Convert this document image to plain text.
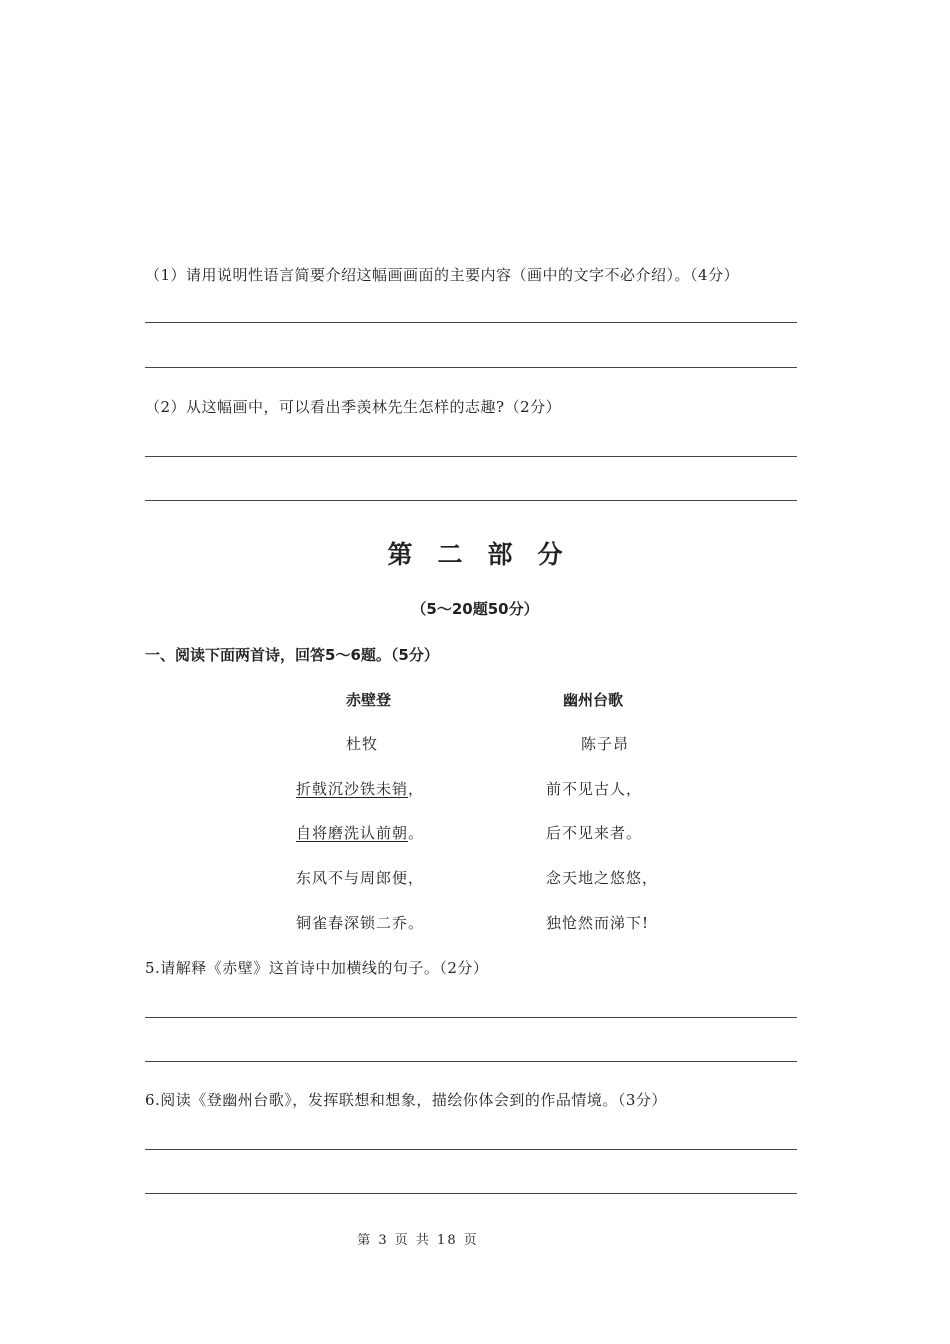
（1）请用说明性语言简要介绍这幅画画面的主要内容（画中的文字不必介绍）。（4分）
（2）从这幅画中，可以看出季羡林先生怎样的志趣?（2分）
第二部分
（5～20题50分）
一、阅读下面两首诗，回答5～6题。（5分）
赤壁登
杜牧
折戟沉沙铁未销，
自将磨洗认前朝。
东风不与周郎便，
铜雀春深锁二乔。
幽州台歌
陈子昂
前不见古人，
后不见来者。
念天地之悠悠，
独怆然而涕下!
5.请解释《赤壁》这首诗中加横线的句子。（2分）
6.阅读《登幽州台歌》，发挥联想和想象，描绘你体会到的作品情境。（3分）
第 3 页 共 18 页
